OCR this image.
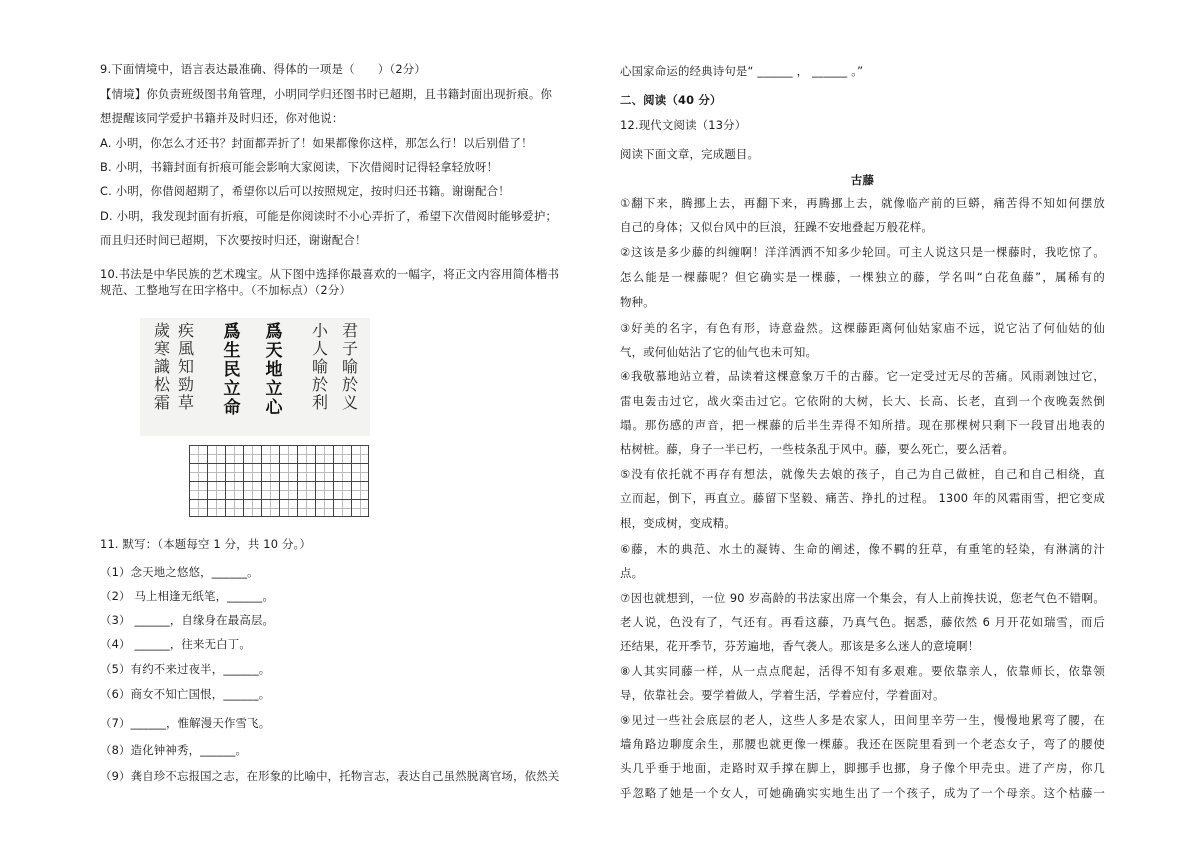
9.下面情境中，语言表达最准确、得体的一项是（　　）（2分）
【情境】你负责班级图书角管理，小明同学归还图书时已超期，且书籍封面出现折痕。你
想提醒该同学爱护书籍并及时归还，你对他说：
A. 小明，你怎么才还书？封面都弄折了！如果都像你这样，那怎么行！以后别借了！
B. 小明，书籍封面有折痕可能会影响大家阅读，下次借阅时记得轻拿轻放呀！
C. 小明，你借阅超期了，希望你以后可以按照规定，按时归还书籍。谢谢配合！
D. 小明，我发现封面有折痕，可能是你阅读时不小心弄折了，希望下次借阅时能够爱护；
而且归还时间已超期，下次要按时归还，谢谢配合！
10.书法是中华民族的艺术瑰宝。从下图中选择你最喜欢的一幅字，将正文内容用简体楷书
规范、工整地写在田字格中。（不加标点）（2分）
11. 默写：（本题每空 1 分，共 10 分。）
（1）念天地之悠悠，______。
（2） 马上相逢无纸笔，______。
（3） ______，自缘身在最高层。
（4） ______，往来无白丁。
（5）有约不来过夜半，______。
（6）商女不知亡国恨，______。
（7）______，惟解漫天作雪飞。
（8）造化钟神秀，______。
（9）龚自珍不忘报国之志，在形象的比喻中，托物言志，表达自己虽然脱离官场，依然关
歲寒識松霜 疾風知勁草 爲生民立命 爲天地立心 小人喻於利 君子喻於义
心国家命运的经典诗句是“ ______ ， ______ 。”
二、阅读（40 分）
12.现代文阅读（13分）
阅读下面文章，完成题目。
古藤
①翻下来，腾挪上去，再翻下来，再腾挪上去，就像临产前的巨蟒，痛苦得不知如何摆放
自己的身体；又似台风中的巨浪，狂躁不安地叠起万般花样。
②这该是多少藤的纠缠啊！洋洋洒洒不知多少轮回。可主人说这只是一棵藤时，我吃惊了。
怎么能是一棵藤呢？但它确实是一棵藤，一棵独立的藤，学名叫“白花鱼藤”，属稀有的
物种。
③好美的名字，有色有形，诗意盎然。这棵藤距离何仙姑家庙不远，说它沾了何仙姑的仙
气，或何仙姑沾了它的仙气也未可知。
④我敬慕地站立着，品读着这棵意象万千的古藤。它一定受过无尽的苦痛。风雨剥蚀过它，
雷电轰击过它，战火栾击过它。它依附的大树，长大、长高、长老，直到一个夜晚轰然倒
塌。那伤感的声音，把一棵藤的后半生弄得不知所措。现在那棵树只剩下一段冒出地表的
枯树桩。藤，身子一半已朽，一些枝条乱于风中。藤，要么死亡，要么活着。
⑤没有依托就不再存有想法，就像失去娘的孩子，自己为自己做桩，自己和自己相绕，直
立而起，倒下，再直立。藤留下坚毅、痛苦、挣扎的过程。 1300 年的风霜雨雪，把它变成
根，变成树，变成精。
⑥藤，木的典范、水土的凝铸、生命的阐述，像不羁的狂草，有重笔的轻染，有淋漓的汁
点。
⑦因也就想到，一位 90 岁高龄的书法家出席一个集会，有人上前搀扶说，您老气色不错啊。
老人说，色没有了，气还有。再看这藤，乃真气色。据悉，藤依然 6 月开花如瑞雪，而后
还结果，花开季节，芬芳遍地，香气袭人。那该是多么迷人的意境啊！
⑧人其实同藤一样，从一点点爬起，活得不知有多艰难。要依靠亲人，依靠师长，依靠领
导，依靠社会。要学着做人，学着生活，学着应付，学着面对。
⑨见过一些社会底层的老人，这些人多是农家人，田间里辛劳一生，慢慢地累弯了腰，在
墙角路边聊度余生，那腰也就更像一棵藤。我还在医院里看到一个老态女子，弯了的腰使
头几乎垂于地面，走路时双手撑在脚上，脚挪手也挪，身子像个甲壳虫。进了产房，你几
乎忽略了她是一个女人，可她确确实实地生出了一个孩子，成为了一个母亲。这个枯藤一
